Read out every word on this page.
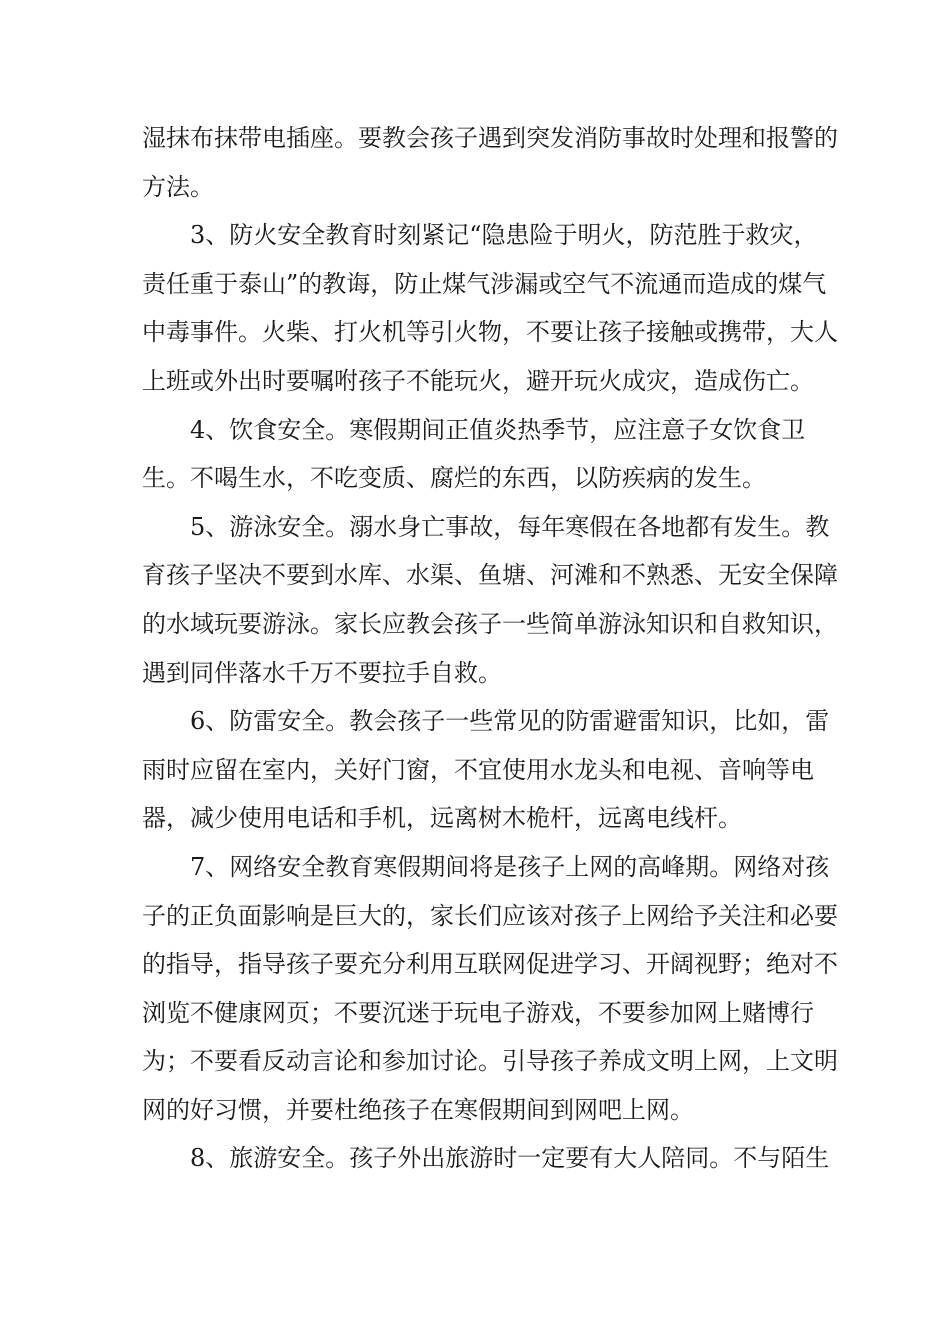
湿抹布抹带电插座。要教会孩子遇到突发消防事故时处理和报警的
方法。
3、防火安全教育时刻紧记“隐患险于明火，防范胜于救灾，
责任重于泰山”的教诲，防止煤气涉漏或空气不流通而造成的煤气
中毒事件。火柴、打火机等引火物，不要让孩子接触或携带，大人
上班或外出时要嘱咐孩子不能玩火，避开玩火成灾，造成伤亡。
4、饮食安全。寒假期间正值炎热季节，应注意子女饮食卫
生。不喝生水，不吃变质、腐烂的东西，以防疾病的发生。
5、游泳安全。溺水身亡事故，每年寒假在各地都有发生。教
育孩子坚决不要到水库、水渠、鱼塘、河滩和不熟悉、无安全保障
的水域玩要游泳。家长应教会孩子一些简单游泳知识和自救知识，
遇到同伴落水千万不要拉手自救。
6、防雷安全。教会孩子一些常见的防雷避雷知识，比如，雷
雨时应留在室内，关好门窗，不宜使用水龙头和电视、音响等电
器，减少使用电话和手机，远离树木桅杆，远离电线杆。
7、网络安全教育寒假期间将是孩子上网的高峰期。网络对孩
子的正负面影响是巨大的，家长们应该对孩子上网给予关注和必要
的指导，指导孩子要充分利用互联网促进学习、开阔视野；绝对不
浏览不健康网页；不要沉迷于玩电子游戏，不要参加网上赌博行
为；不要看反动言论和参加讨论。引导孩子养成文明上网，上文明
网的好习惯，并要杜绝孩子在寒假期间到网吧上网。
8、旅游安全。孩子外出旅游时一定要有大人陪同。不与陌生
